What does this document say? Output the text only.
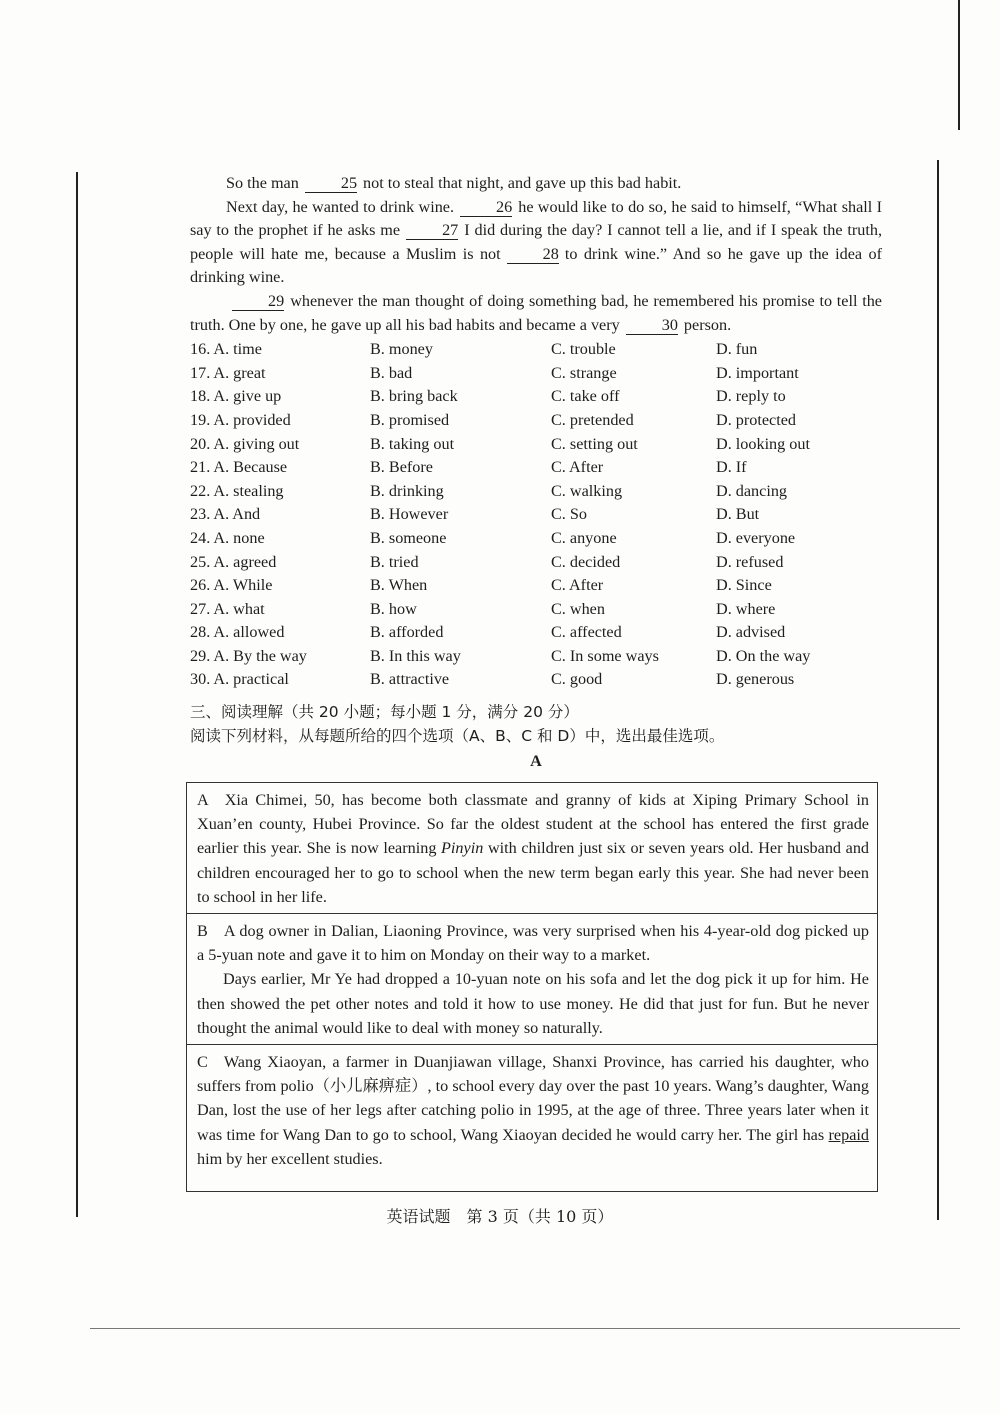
So the man	25 not to steal that night, and gave up this bad habit.
Next day, he wanted to drink wine.	26 he would like to do so, he said to himself, “What shall I say to the prophet if he asks me	27 I did during the day? I cannot tell a lie, and if I speak the truth, people will hate me, because a Muslim is not	28 to drink wine.” And so he gave up the idea of drinking wine.
29 whenever the man thought of doing something bad, he remembered his promise to tell the truth. One by one, he gave up all his bad habits and became a very	30 person.
16. A. time	B. money	C. trouble	D. fun
17. A. great	B. bad	C. strange	D. important
18. A. give up	B. bring back	C. take off	D. reply to
19. A. provided	B. promised	C. pretended	D. protected
20. A. giving out	B. taking out	C. setting out	D. looking out
21. A. Because	B. Before	C. After	D. If
22. A. stealing	B. drinking	C. walking	D. dancing
23. A. And	B. However	C. So	D. But
24. A. none	B. someone	C. anyone	D. everyone
25. A. agreed	B. tried	C. decided	D. refused
26. A. While	B. When	C. After	D. Since
27. A. what	B. how	C. when	D. where
28. A. allowed	B. afforded	C. affected	D. advised
29. A. By the way	B. In this way	C. In some ways	D. On the way
30. A. practical	B. attractive	C. good	D. generous
三、阅读理解（共 20 小题；每小题 1 分，满分 20 分）
阅读下列材料，从每题所给的四个选项（A、B、C 和 D）中，选出最佳选项。
A
A Xia Chimei, 50, has become both classmate and granny of kids at Xiping Primary School in Xuan’en county, Hubei Province. So far the oldest student at the school has entered the first grade earlier this year. She is now learning Pinyin with children just six or seven years old. Her husband and children encouraged her to go to school when the new term began early this year. She had never been to school in her life.
B A dog owner in Dalian, Liaoning Province, was very surprised when his 4-year-old dog picked up a 5-yuan note and gave it to him on Monday on their way to a market.
Days earlier, Mr Ye had dropped a 10-yuan note on his sofa and let the dog pick it up for him. He then showed the pet other notes and told it how to use money. He did that just for fun. But he never thought the animal would like to deal with money so naturally.
C Wang Xiaoyan, a farmer in Duanjiawan village, Shanxi Province, has carried his daughter, who suffers from polio（小儿麻痹症）, to school every day over the past 10 years. Wang’s daughter, Wang Dan, lost the use of her legs after catching polio in 1995, at the age of three. Three years later when it was time for Wang Dan to go to school, Wang Xiaoyan decided he would carry her. The girl has repaid him by her excellent studies.
英语试题　第 3 页（共 10 页）
